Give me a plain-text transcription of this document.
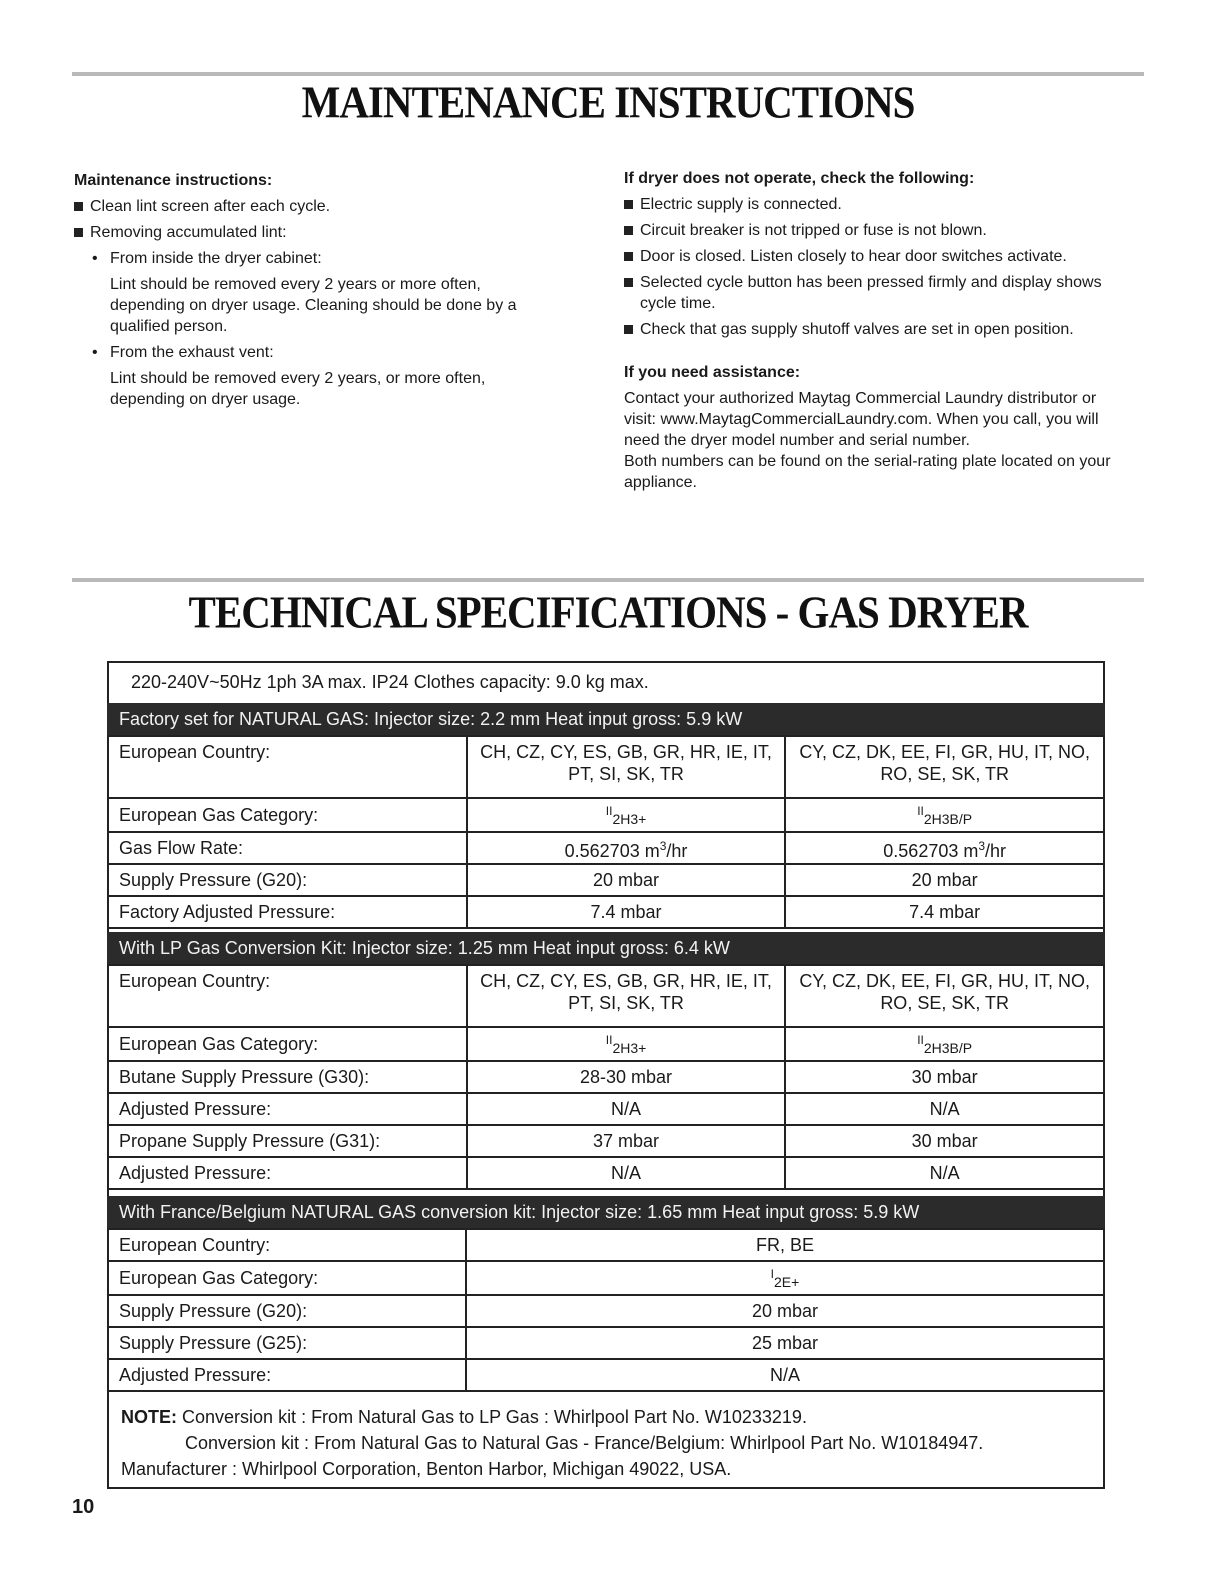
MAINTENANCE INSTRUCTIONS
Maintenance instructions:
Clean lint screen after each cycle.
Removing accumulated lint:
• From inside the dryer cabinet:
Lint should be removed every 2 years or more often, depending on dryer usage. Cleaning should be done by a qualified person.
• From the exhaust vent:
Lint should be removed every 2 years, or more often, depending on dryer usage.
If dryer does not operate, check the following:
Electric supply is connected.
Circuit breaker is not tripped or fuse is not blown.
Door is closed. Listen closely to hear door switches activate.
Selected cycle button has been pressed firmly and display shows cycle time.
Check that gas supply shutoff valves are set in open position.
If you need assistance:
Contact your authorized Maytag Commercial Laundry distributor or visit: www.MaytagCommercialLaundry.com. When you call, you will need the dryer model number and serial number.
Both numbers can be found on the serial-rating plate located on your appliance.
TECHNICAL SPECIFICATIONS - GAS DRYER
220-240V~50Hz 1ph 3A max. IP24 Clothes capacity: 9.0 kg max.
Factory set for NATURAL GAS: Injector size: 2.2 mm Heat input gross: 5.9 kW
European Country:	CH, CZ, CY, ES, GB, GR, HR, IE, IT, PT, SI, SK, TR	CY, CZ, DK, EE, FI, GR, HU, IT, NO, RO, SE, SK, TR
European Gas Category:	$^{II}_{2H3+}$	$^{II}_{2H3B/P}$
Gas Flow Rate:	0.562703 $m^3/hr$	0.562703 $m^3/hr$
Supply Pressure (G20):	20 mbar	20 mbar
Factory Adjusted Pressure:	7.4 mbar	7.4 mbar
With LP Gas Conversion Kit: Injector size: 1.25 mm Heat input gross: 6.4 kW
European Country:	CH, CZ, CY, ES, GB, GR, HR, IE, IT, PT, SI, SK, TR	CY, CZ, DK, EE, FI, GR, HU, IT, NO, RO, SE, SK, TR
European Gas Category:	$^{II}_{2H3+}$	$^{II}_{2H3B/P}$
Butane Supply Pressure (G30):	28-30 mbar	30 mbar
Adjusted Pressure:	N/A	N/A
Propane Supply Pressure (G31):	37 mbar	30 mbar
Adjusted Pressure:	N/A	N/A
With France/Belgium NATURAL GAS conversion kit: Injector size: 1.65 mm Heat input gross: 5.9 kW
European Country:	FR, BE
European Gas Category:	$^I_{2E+}$
Supply Pressure (G20):	20 mbar
Supply Pressure (G25):	25 mbar
Adjusted Pressure:	N/A
NOTE: Conversion kit : From Natural Gas to LP Gas : Whirlpool Part No. W10233219.
Conversion kit : From Natural Gas to Natural Gas - France/Belgium: Whirlpool Part No. W10184947.
Manufacturer : Whirlpool Corporation, Benton Harbor, Michigan 49022, USA.
10
